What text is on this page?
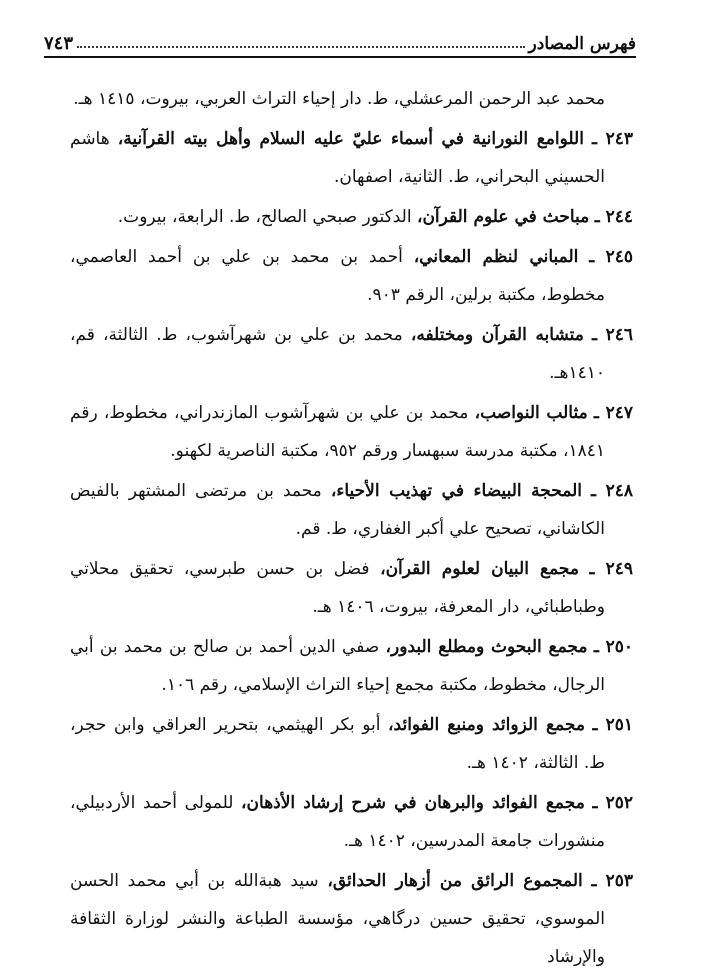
فهرس المصادر
٧٤٣

محمد عبد الرحمن المرعشلي، ط. دار إحياء التراث العربي، بيروت، ١٤١٥ هـ.

٢٤٣ ـ اللوامع النورانية في أسماء عليّ عليه السلام وأهل بيته القرآنية، هاشم الحسيني البحراني، ط. الثانية، اصفهان.

٢٤٤ ـ مباحث في علوم القرآن، الدكتور صبحي الصالح، ط. الرابعة، بيروت.

٢٤٥ ـ المباني لنظم المعاني، أحمد بن محمد بن علي بن أحمد العاصمي، مخطوط، مكتبة برلين، الرقم ٩٠٣.

٢٤٦ ـ متشابه القرآن ومختلفه، محمد بن علي بن شهرآشوب، ط. الثالثة، قم، ١٤١٠هـ.

٢٤٧ ـ مثالب النواصب، محمد بن علي بن شهرآشوب المازندراني، مخطوط، رقم ١٨٤١، مكتبة مدرسة سبهسار ورقم ٩٥٢، مكتبة الناصرية لكهنو.

٢٤٨ ـ المحجة البيضاء في تهذيب الأحياء، محمد بن مرتضى المشتهر بالفيض الكاشاني، تصحيح علي أكبر الغفاري، ط. قم.

٢٤٩ ـ مجمع البيان لعلوم القرآن، فضل بن حسن طبرسي، تحقيق محلاتي وطباطبائي، دار المعرفة، بيروت، ١٤٠٦ هـ.

٢٥٠ ـ مجمع البحوث ومطلع البدور، صفي الدين أحمد بن صالح بن محمد بن أبي الرجال، مخطوط، مكتبة مجمع إحياء التراث الإسلامي، رقم ١٠٦.

٢٥١ ـ مجمع الزوائد ومنبع الفوائد، أبو بكر الهيثمي، بتحرير العراقي وابن حجر، ط. الثالثة، ١٤٠٢ هـ.

٢٥٢ ـ مجمع الفوائد والبرهان في شرح إرشاد الأذهان، للمولى أحمد الأردبيلي، منشورات جامعة المدرسين، ١٤٠٢ هـ.

٢٥٣ ـ المجموع الرائق من أزهار الحدائق، سيد هبةالله بن أبي محمد الحسن الموسوي، تحقيق حسين درگاهي، مؤسسة الطباعة والنشر لوزارة الثقافة والإرشاد
